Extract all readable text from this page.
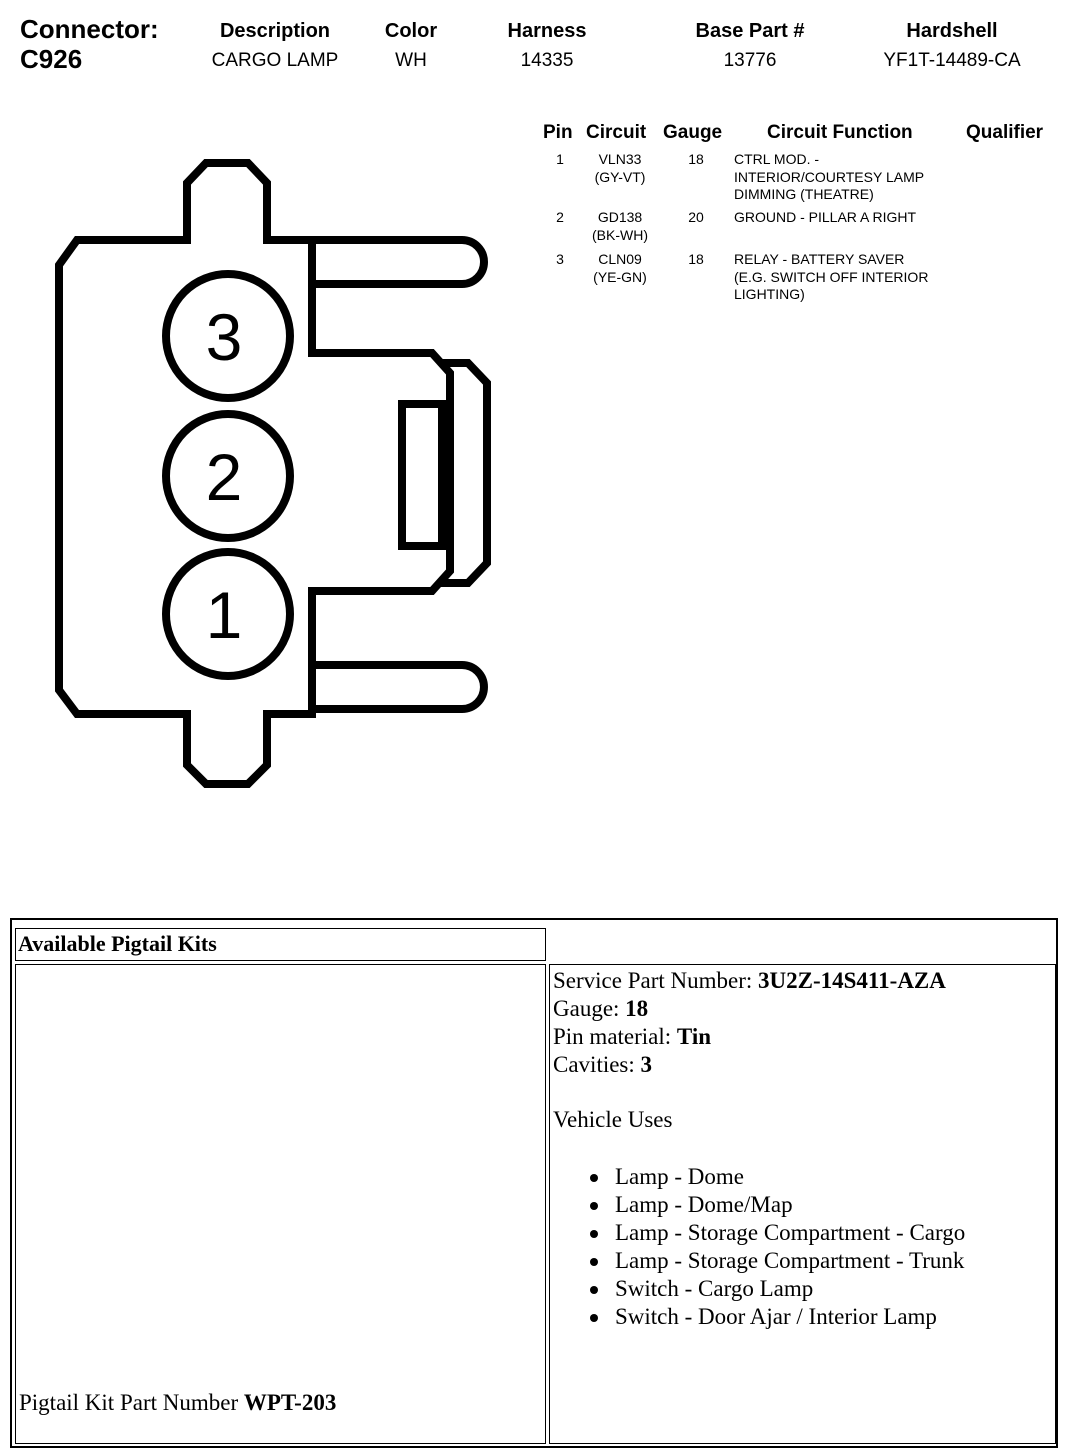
Connector:
C926
Description
CARGO LAMP
Color
WH
Harness
14335
Base Part #
13776
Hardshell
YF1T-14489-CA
Pin Circuit Gauge Circuit Function	Qualifier
1 VLN33
(GY-VT)
18 CTRL MOD. -
INTERIOR/COURTESY LAMP
DIMMING (THEATRE)
2 GD138
(BK-WH)
20 GROUND - PILLAR A RIGHT
3 CLN09
(YE-GN)
18 RELAY - BATTERY SAVER
(E.G. SWITCH OFF INTERIOR
LIGHTING)
3
2
1
Available Pigtail Kits
Service Part Number: 3U2Z-14S411-AZA
Gauge: 18
Pin material: Tin
Cavities: 3
Vehicle Uses
Lamp - Dome
Lamp - Dome/Map
Lamp - Storage Compartment - Cargo
Lamp - Storage Compartment - Trunk
Switch - Cargo Lamp
Switch - Door Ajar / Interior Lamp
Pigtail Kit Part Number WPT-203
